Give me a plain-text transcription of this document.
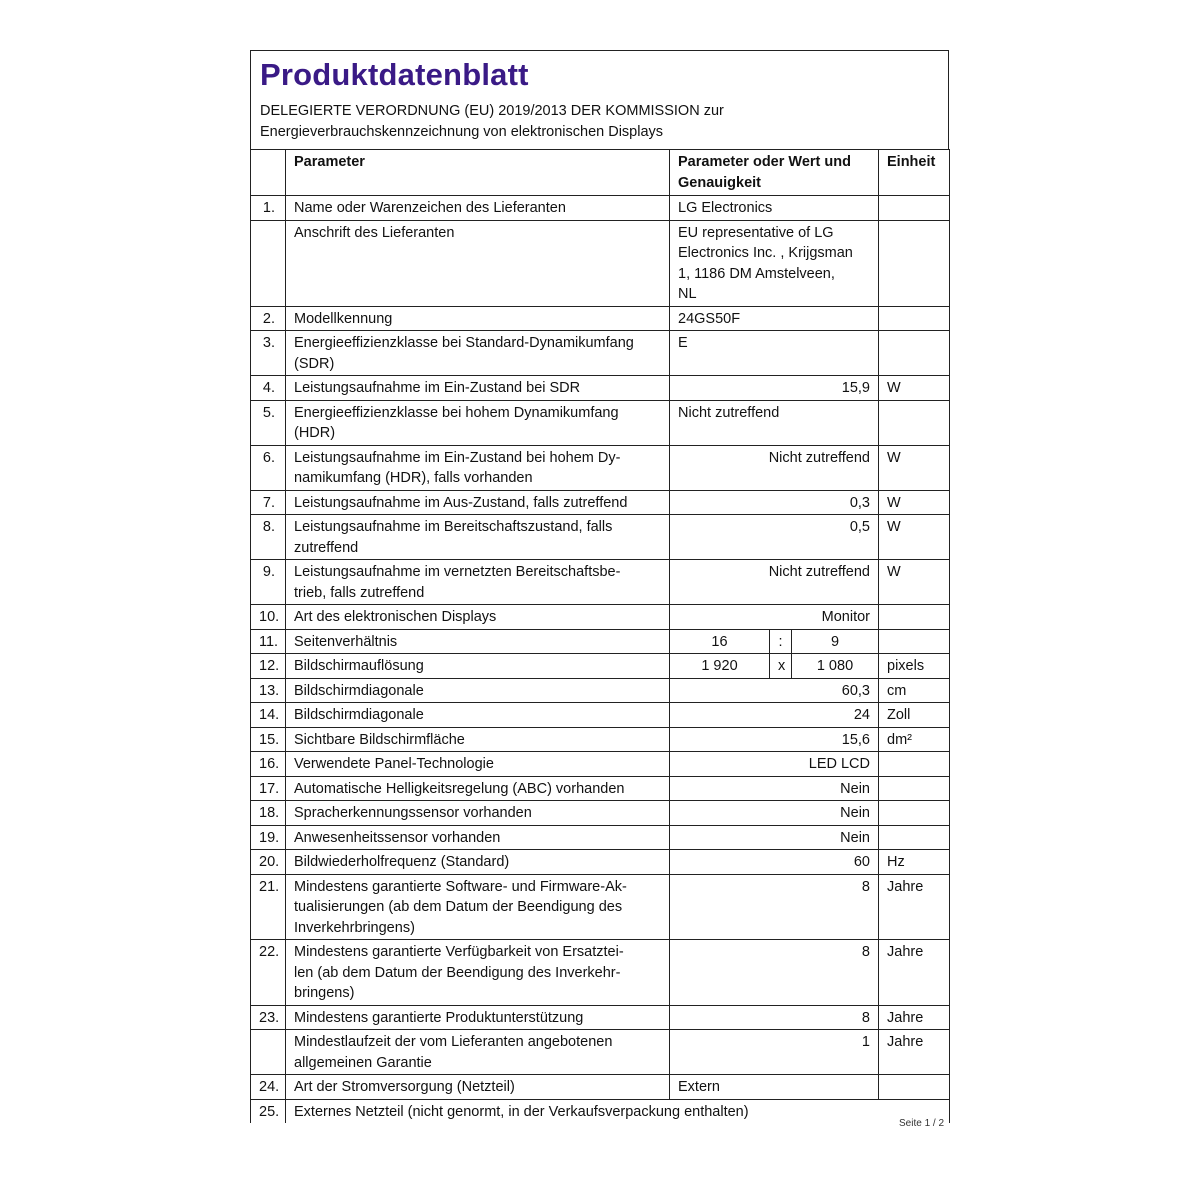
Produktdatenblatt
DELEGIERTE VERORDNUNG (EU) 2019/2013 DER KOMMISSION zur
Energieverbrauchskennzeichnung von elektronischen Displays
	Parameter	Parameter oder Wert und
Genauigkeit			Einheit
1.	Name oder Warenzeichen des Lieferanten	LG Electronics			
	Anschrift des Lieferanten	EU representative of LG
Electronics Inc. , Krijgsman
1, 1186 DM Amstelveen,
NL			

2.	Modellkennung	24GS50F			
3.	Energieeffizienzklasse bei Standard-Dynamikumfang
(SDR)	E			
4.	Leistungsaufnahme im Ein-Zustand bei SDR	15,9			W
5.	Energieeffizienzklasse bei hohem Dynamikumfang
(HDR)	Nicht zutreffend			
6.	Leistungsaufnahme im Ein-Zustand bei hohem Dy-
namikumfang (HDR), falls vorhanden	Nicht zutreffend			W
7.	Leistungsaufnahme im Aus-Zustand, falls zutreffend	0,3			W
8.	Leistungsaufnahme im Bereitschaftszustand, falls
zutreffend	0,5			W
9.	Leistungsaufnahme im vernetzten Bereitschaftsbe-
trieb, falls zutreffend	Nicht zutreffend			W
10.	Art des elektronischen Displays	Monitor			
11.	Seitenverhältnis	16	:	9	
12.	Bildschirmauflösung	1 920	x	1 080	pixels
13.	Bildschirmdiagonale	60,3			cm
14.	Bildschirmdiagonale	24			Zoll
15.	Sichtbare Bildschirmfläche	15,6			dm²
16.	Verwendete Panel-Technologie	LED LCD			
17.	Automatische Helligkeitsregelung (ABC) vorhanden	Nein			
18.	Spracherkennungssensor vorhanden	Nein			
19.	Anwesenheitssensor vorhanden	Nein			
20.	Bildwiederholfrequenz (Standard)	60			Hz
21.	Mindestens garantierte Software- und Firmware-Ak-
tualisierungen (ab dem Datum der Beendigung des
Inverkehrbringens)	8			Jahre
22.	Mindestens garantierte Verfügbarkeit von Ersatztei-
len (ab dem Datum der Beendigung des Inverkehr-
bringens)	8			Jahre
23.	Mindestens garantierte Produktunterstützung	8			Jahre

	Mindestlaufzeit der vom Lieferanten angebotenen
allgemeinen Garantie	1			Jahre
24.	Art der Stromversorgung (Netzteil)	Extern			
25.	Externes Netzteil (nicht genormt, in der Verkaufsverpackung enthalten)				
Seite 1 / 2
